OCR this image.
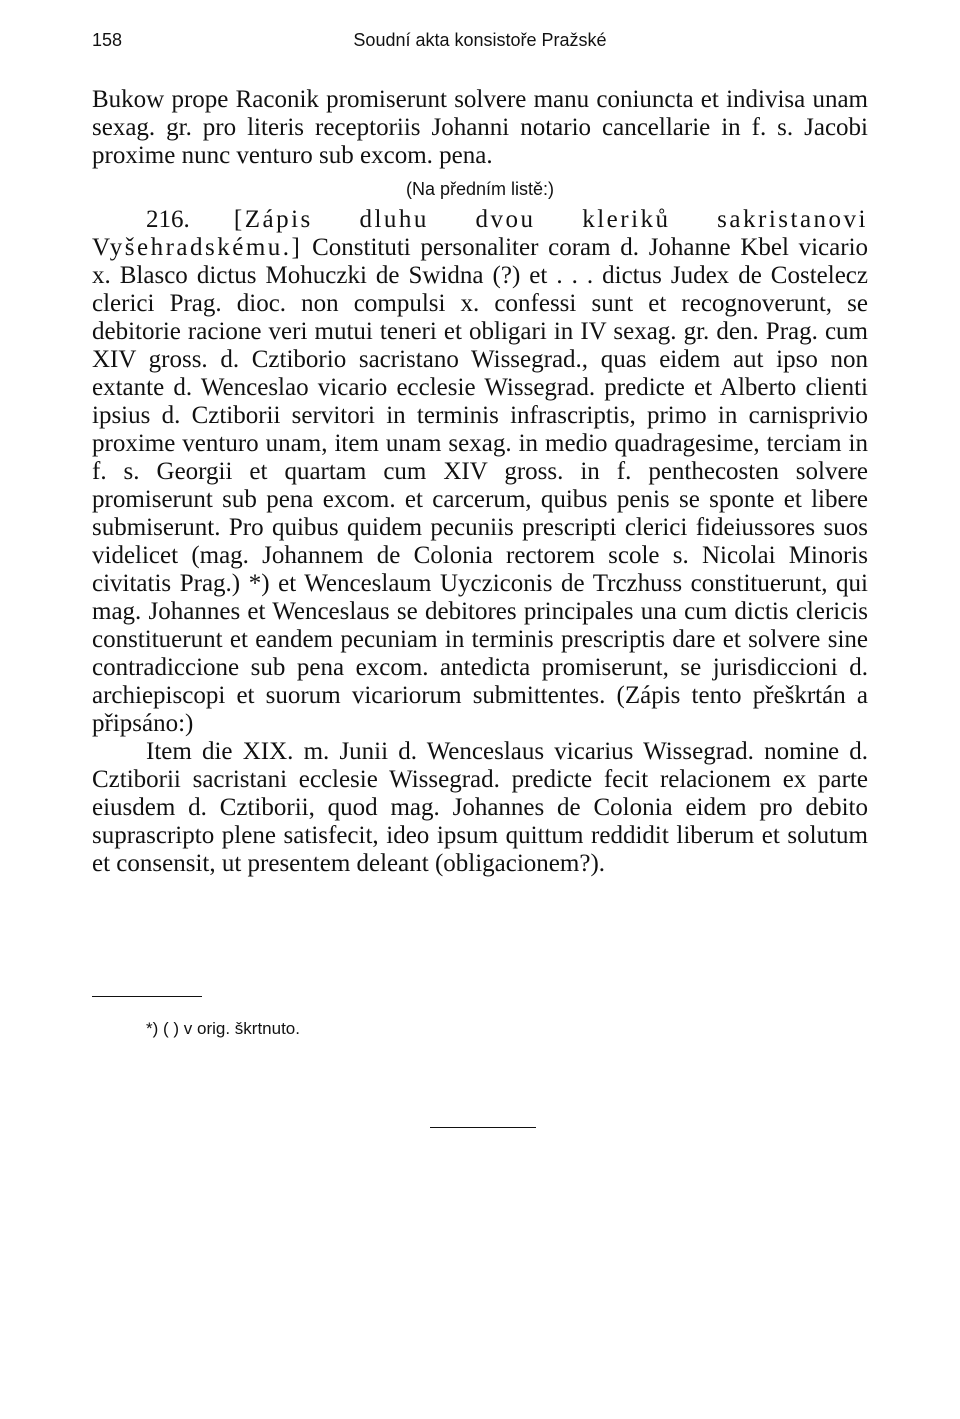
158	Soudní akta konsistoře Pražské

Bukow prope Raconik promiserunt solvere manu coniuncta et indivisa unam sexag. gr. pro literis receptoriis Johanni notario cancellarie in f. s. Jacobi proxime nunc venturo sub excom. pena.

(Na předním listě:)

216. [Zápis dluhu dvou kleriků sakristanovi Vyšehradskému.] Constituti personaliter coram d. Johanne Kbel vicario x. Blasco dictus Mohuczki de Swidna (?) et . . . dictus Judex de Costelecz clerici Prag. dioc. non compulsi x. confessi sunt et recognoverunt, se debitorie racione veri mutui teneri et obligari in IV sexag. gr. den. Prag. cum XIV gross. d. Cztiborio sacristano Wissegrad., quas eidem aut ipso non extante d. Wenceslao vicario ecclesie Wissegrad. predicte et Alberto clienti ipsius d. Cztiborii servitori in terminis infrascriptis, primo in carnisprivio proxime venturo unam, item unam sexag. in medio quadragesime, terciam in f. s. Georgii et quartam cum XIV gross. in f. penthecosten solvere promiserunt sub pena excom. et carcerum, quibus penis se sponte et libere submiserunt. Pro quibus quidem pecuniis prescripti clerici fideiussores suos videlicet (mag. Johannem de Colonia rectorem scole s. Nicolai Minoris civitatis Prag.) *) et Wenceslaum Uycziconis de Trczhuss constituerunt, qui mag. Johannes et Wenceslaus se debitores principales una cum dictis clericis constituerunt et eandem pecuniam in terminis prescriptis dare et solvere sine contradiccione sub pena excom. antedicta promiserunt, se jurisdiccioni d. archiepiscopi et suorum vicariorum submittentes. (Zápis tento přeškrtán a připsáno:)

Item die XIX. m. Junii d. Wenceslaus vicarius Wissegrad. nomine d. Cztiborii sacristani ecclesie Wissegrad. predicte fecit relacionem ex parte eiusdem d. Cztiborii, quod mag. Johannes de Colonia eidem pro debito suprascripto plene satisfecit, ideo ipsum quittum reddidit liberum et solutum et consensit, ut presentem deleant (obligacionem?).

*) ( ) v orig. škrtnuto.
